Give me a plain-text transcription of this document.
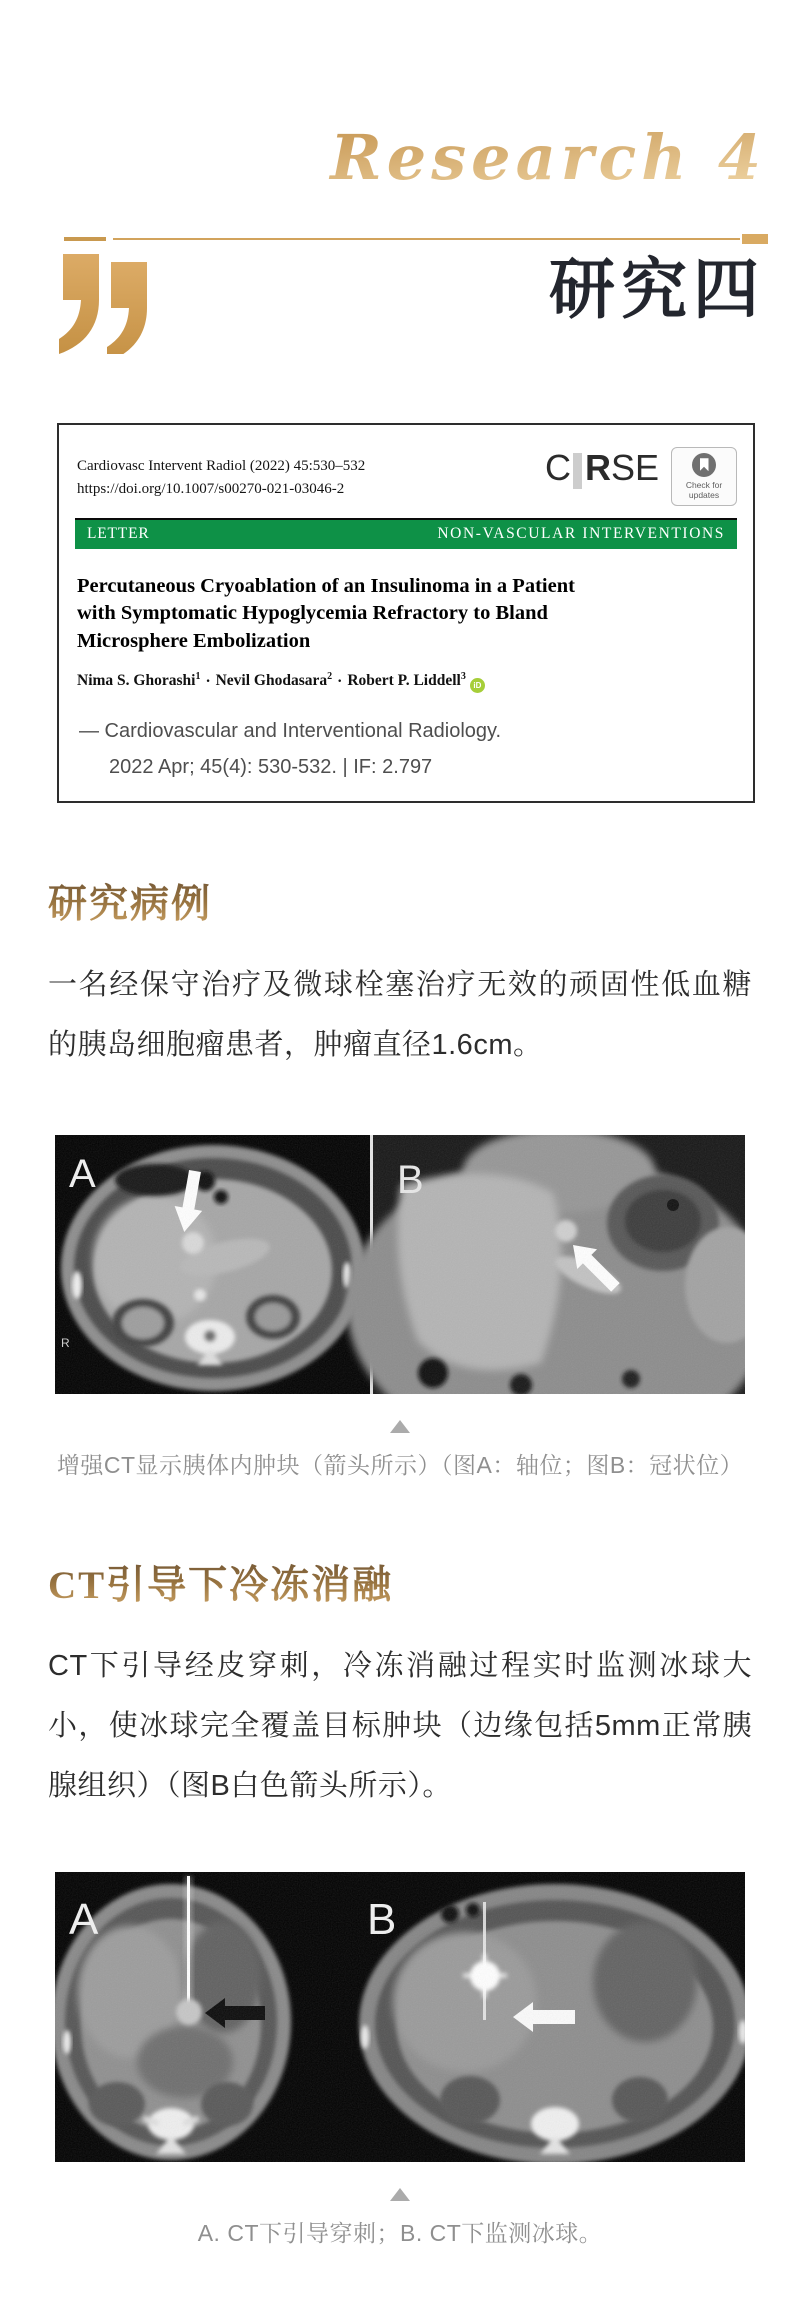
Research 4
研究四
Cardiovasc Intervent Radiol (2022) 45:530–532
https://doi.org/10.1007/s00270-021-03046-2
C R SE	Check for updates
LETTER	NON-VASCULAR INTERVENTIONS
Percutaneous Cryoablation of an Insulinoma in a Patient
with Symptomatic Hypoglycemia Refractory to Bland
Microsphere Embolization
Nima S. Ghorashi$^1$ · Nevil Ghodasara$^2$ · Robert P. Liddell$^3$iD
— Cardiovascular and Interventional Radiology.
2022 Apr; 45(4): 530-532. | IF: 2.797
研究病例
一名经保守治疗及微球栓塞治疗无效的顽固性低血糖的胰岛细胞瘤患者，肿瘤直径1.6cm。
A
R
B
增强CT显示胰体内肿块（箭头所示）（图A：轴位；图B：冠状位）
CT引导下冷冻消融
CT下引导经皮穿刺，冷冻消融过程实时监测冰球大小，使冰球完全覆盖目标肿块（边缘包括5mm正常胰腺组织）（图B白色箭头所示）。
A	B
A. CT下引导穿刺；B. CT下监测冰球。
